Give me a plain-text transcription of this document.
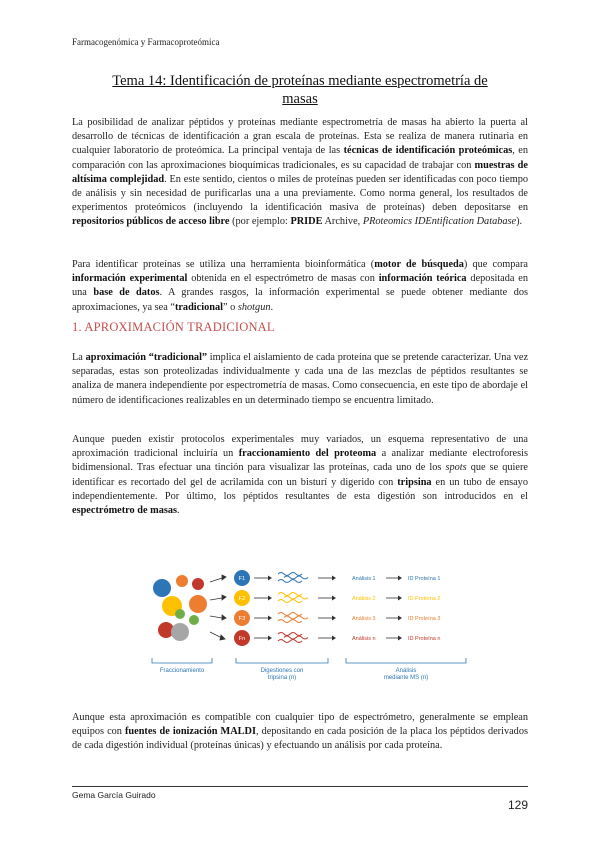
Farmacogenómica y Farmacoproteómica
Tema 14: Identificación de proteínas mediante espectrometría de
masas

La posibilidad de analizar péptidos y proteínas mediante espectrometría de masas ha abierto la puerta al desarrollo de técnicas de identificación a gran escala de proteínas. Esta se realiza de manera rutinaria en cualquier laboratorio de proteómica. La principal ventaja de las técnicas de identificación proteómicas, en comparación con las aproximaciones bioquímicas tradicionales, es su capacidad de trabajar con muestras de altísima complejidad. En este sentido, cientos o miles de proteínas pueden ser identificadas con poco tiempo de análisis y sin necesidad de purificarlas una a una previamente. Como norma general, los resultados de experimentos proteómicos (incluyendo la identificación masiva de proteínas) deben depositarse en repositorios públicos de acceso libre (por ejemplo: PRIDE Archive, PRoteomics IDEntification Database).

Para identificar proteínas se utiliza una herramienta bioinformática (motor de búsqueda) que compara información experimental obtenida en el espectrómetro de masas con información teórica depositada en una base de datos. A grandes rasgos, la información experimental se puede obtener mediante dos aproximaciones, ya sea “tradicional” o shotgun.

1. APROXIMACIÓN TRADICIONAL

La aproximación “tradicional” implica el aislamiento de cada proteína que se pretende caracterizar. Una vez separadas, estas son proteolizadas individualmente y cada una de las mezclas de péptidos resultantes se analiza de manera independiente por espectrometría de masas. Como consecuencia, en este tipo de abordaje el número de identificaciones realizables en un determinado tiempo se encuentra limitado.

Aunque pueden existir protocolos experimentales muy variados, un esquema representativo de una aproximación tradicional incluiría un fraccionamiento del proteoma a analizar mediante electroforesis bidimensional. Tras efectuar una tinción para visualizar las proteínas, cada uno de los spots que se quiere identificar es recortado del gel de acrilamida con un bisturí y digerido con tripsina en un tubo de ensayo independientemente. Por último, los péptidos resultantes de esta digestión son introducidos en el espectrómetro de masas.

F1
F2
F3
Fn
Análisis 1	ID Proteína 1
Análisis 2	ID Proteína 2
Análisis 3	ID Proteína 3
Análisis n	ID Proteína n
Fraccionamiento	Digestiones con
tripsina (n)
Análisis
mediante MS (n)

Aunque esta aproximación es compatible con cualquier tipo de espectrómetro, generalmente se emplean equipos con fuentes de ionización MALDI, depositando en cada posición de la placa los péptidos derivados de cada digestión individual (proteínas únicas) y efectuando un análisis por cada proteína.

Gema García Guirado
129
